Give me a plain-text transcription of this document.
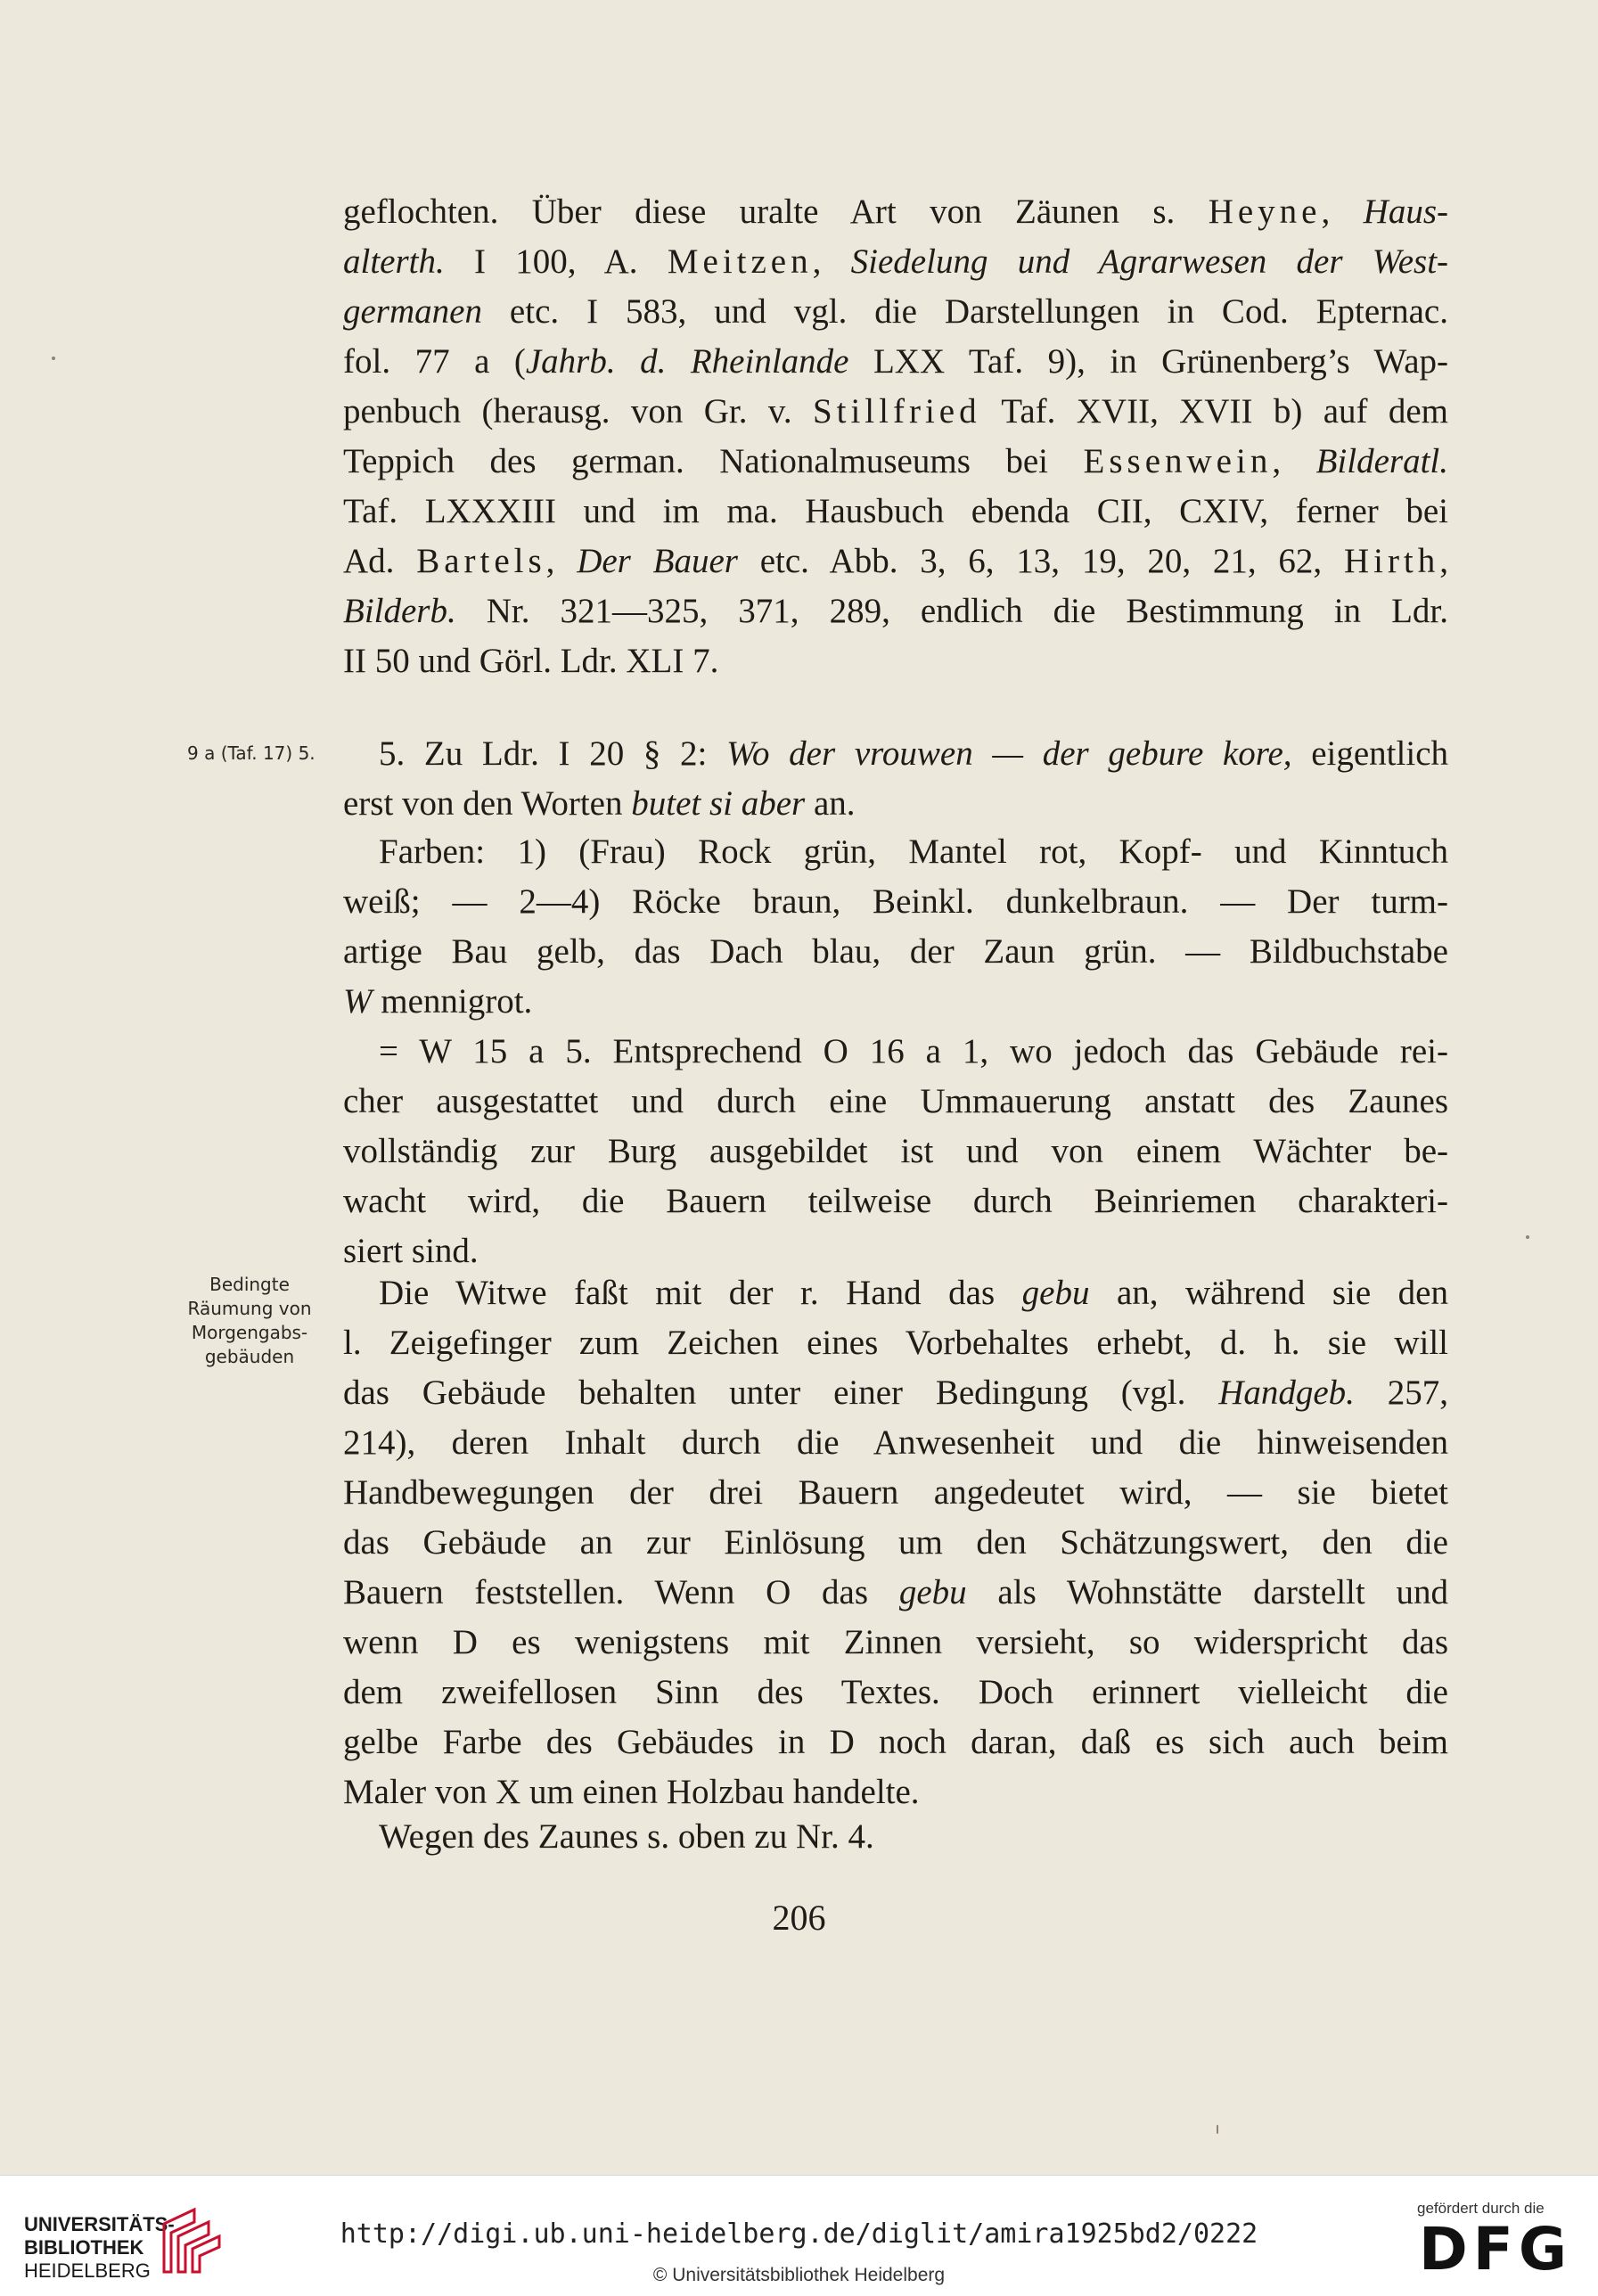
geflochten. Über diese uralte Art von Zäunen s. Heyne, Haus-
alterth. I 100, A. Meitzen, Siedelung und Agrarwesen der West-
germanen etc. I 583, und vgl. die Darstellungen in Cod. Epternac.
fol. 77 a (Jahrb. d. Rheinlande LXX Taf. 9), in Grünenberg’s Wap-
penbuch (herausg. von Gr. v. Stillfried Taf. XVII, XVII b) auf dem
Teppich des german. Nationalmuseums bei Essenwein, Bilderatl.
Taf. LXXXIII und im ma. Hausbuch ebenda CII, CXIV, ferner bei
Ad. Bartels, Der Bauer etc. Abb. 3, 6, 13, 19, 20, 21, 62, Hirth,
Bilderb. Nr. 321—325, 371, 289, endlich die Bestimmung in Ldr.
II 50 und Görl. Ldr. XLI 7.
9 a (Taf. 17) 5.	5. Zu Ldr. I 20 § 2: Wo der vrouwen — der gebure kore, eigentlich
erst von den Worten butet si aber an.
Farben: 1) (Frau) Rock grün, Mantel rot, Kopf- und Kinntuch
weiß; — 2—4) Röcke braun, Beinkl. dunkelbraun. — Der turm-
artige Bau gelb, das Dach blau, der Zaun grün. — Bildbuchstabe
W mennigrot.
= W 15 a 5. Entsprechend O 16 a 1, wo jedoch das Gebäude rei-
cher ausgestattet und durch eine Ummauerung anstatt des Zaunes
vollständig zur Burg ausgebildet ist und von einem Wächter be-
wacht wird, die Bauern teilweise durch Beinriemen charakteri-
siert sind.
Bedingte
Räumung von
Morgengabs-
gebäuden
Die Witwe faßt mit der r. Hand das gebu an, während sie den
l. Zeigefinger zum Zeichen eines Vorbehaltes erhebt, d. h. sie will
das Gebäude behalten unter einer Bedingung (vgl. Handgeb. 257,
214), deren Inhalt durch die Anwesenheit und die hinweisenden
Handbewegungen der drei Bauern angedeutet wird, — sie bietet
das Gebäude an zur Einlösung um den Schätzungswert, den die
Bauern feststellen. Wenn O das gebu als Wohnstätte darstellt und
wenn D es wenigstens mit Zinnen versieht, so widerspricht das
dem zweifellosen Sinn des Textes. Doch erinnert vielleicht die
gelbe Farbe des Gebäudes in D noch daran, daß es sich auch beim
Maler von X um einen Holzbau handelte.
Wegen des Zaunes s. oben zu Nr. 4.
206
UNIVERSITÄTS-
BIBLIOTHEK
HEIDELBERG
http://digi.ub.uni-heidelberg.de/diglit/amira1925bd2/0222
© Universitätsbibliothek Heidelberg
gefördert durch die
DFG
